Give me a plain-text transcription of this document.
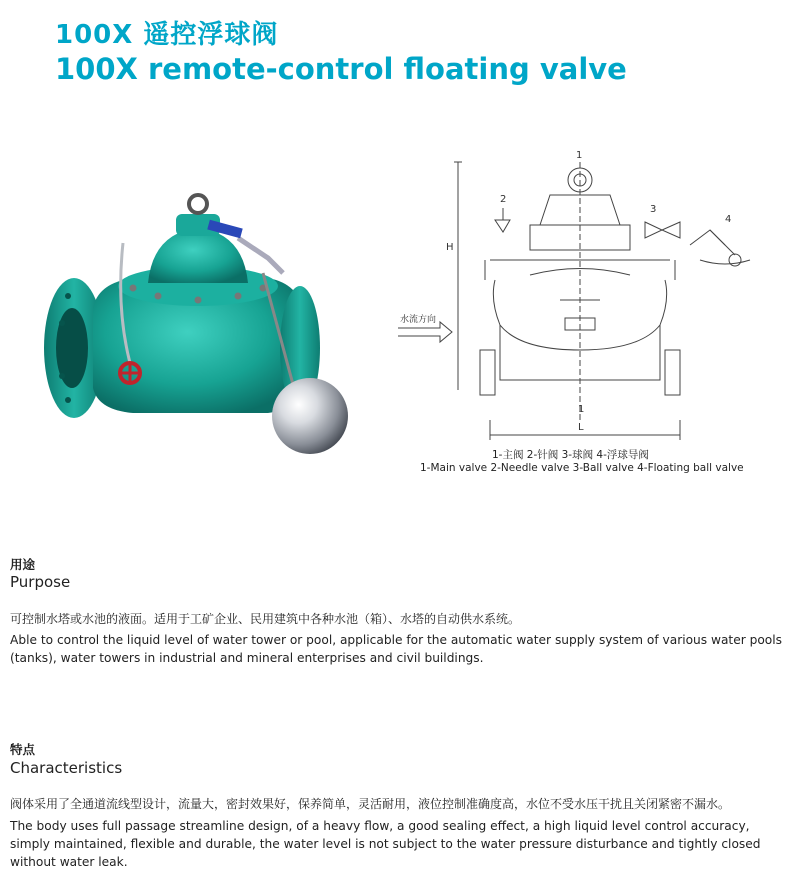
100X 遥控浮球阀
100X remote-control floating valve
水流方向
H
L
1
2
3
4
1
1-主阀 2-针阀 3-球阀 4-浮球导阀
1-Main valve 2-Needle valve 3-Ball valve 4-Floating ball valve
用途
Purpose
可控制水塔或水池的液面。适用于工矿企业、民用建筑中各种水池（箱）、水塔的自动供水系统。
Able to control the liquid level of water tower or pool, applicable for the automatic water supply system of various water pools (tanks), water towers in industrial and mineral enterprises and civil buildings.
特点
Characteristics
阀体采用了全通道流线型设计，流量大，密封效果好，保养简单，灵活耐用，液位控制准确度高，水位不受水压干扰且关闭紧密不漏水。
The body uses full passage streamline design, of a heavy flow, a good sealing effect, a high liquid level control accuracy, simply maintained, flexible and durable, the water level is not subject to the water pressure disturbance and tightly closed without water leak.
